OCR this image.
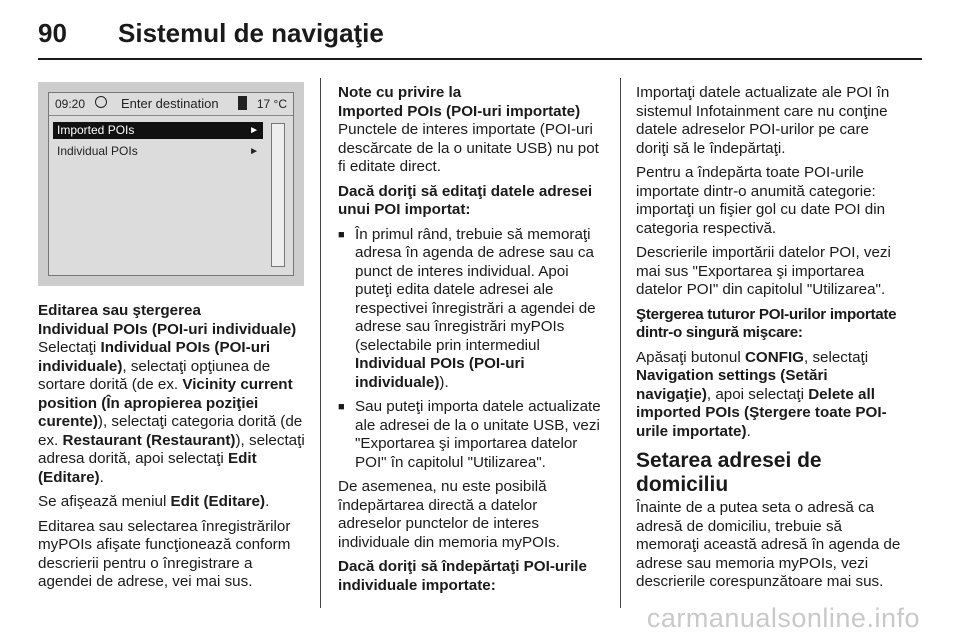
90 Sistemul de navigaţie
09:20	Enter destination	17 °C
Imported POIs	►
Individual POIs	►

Editarea sau ştergerea
Individual POIs (POI-uri individuale)

Selectaţi Individual POIs (POI-uri individuale), selectaţi opţiunea de sortare dorită (de ex. Vicinity current position (În apropierea poziţiei curente)), selectaţi categoria dorită (de ex. Restaurant (Restaurant)), selectaţi adresa dorită, apoi selectaţi Edit (Editare).

Se afişează meniul Edit (Editare).

Editarea sau selectarea înregistrărilor myPOIs afişate funcţionează conform descrierii pentru o înregistrare a agendei de adrese, vei mai sus.

Note cu privire la
Imported POIs (POI-uri importate)

Punctele de interes importate (POI-uri descărcate de la o unitate USB) nu pot fi editate direct.

Dacă doriţi să editaţi datele adresei unui POI importat:

■ În primul rând, trebuie să memoraţi adresa în agenda de adrese sau ca punct de interes individual. Apoi puteţi edita datele adresei ale respectivei înregistrări a agendei de adrese sau înregistrări myPOIs (selectabile prin intermediul Individual POIs (POI-uri individuale)).

■ Sau puteţi importa datele actualizate ale adresei de la o unitate USB, vezi "Exportarea şi importarea datelor POI" în capitolul "Utilizarea".

De asemenea, nu este posibilă îndepărtarea directă a datelor adreselor punctelor de interes individuale din memoria myPOIs.

Dacă doriţi să îndepărtaţi POI-urile individuale importate:

Importaţi datele actualizate ale POI în sistemul Infotainment care nu conţine datele adreselor POI-urilor pe care doriţi să le îndepărtaţi.

Pentru a îndepărta toate POI-urile importate dintr-o anumită categorie: importaţi un fişier gol cu date POI din categoria respectivă.

Descrierile importării datelor POI, vezi mai sus "Exportarea şi importarea datelor POI" din capitolul "Utilizarea".

Ştergerea tuturor POI-urilor importate dintr-o singură mişcare:

Apăsaţi butonul CONFIG, selectaţi Navigation settings (Setări navigaţie), apoi selectaţi Delete all imported POIs (Ştergere toate POI-urile importate).

Setarea adresei de domiciliu

Înainte de a putea seta o adresă ca adresă de domiciliu, trebuie să memoraţi această adresă în agenda de adrese sau memoria myPOIs, vezi descrierile corespunzătoare mai sus.

carmanualsonline.info
